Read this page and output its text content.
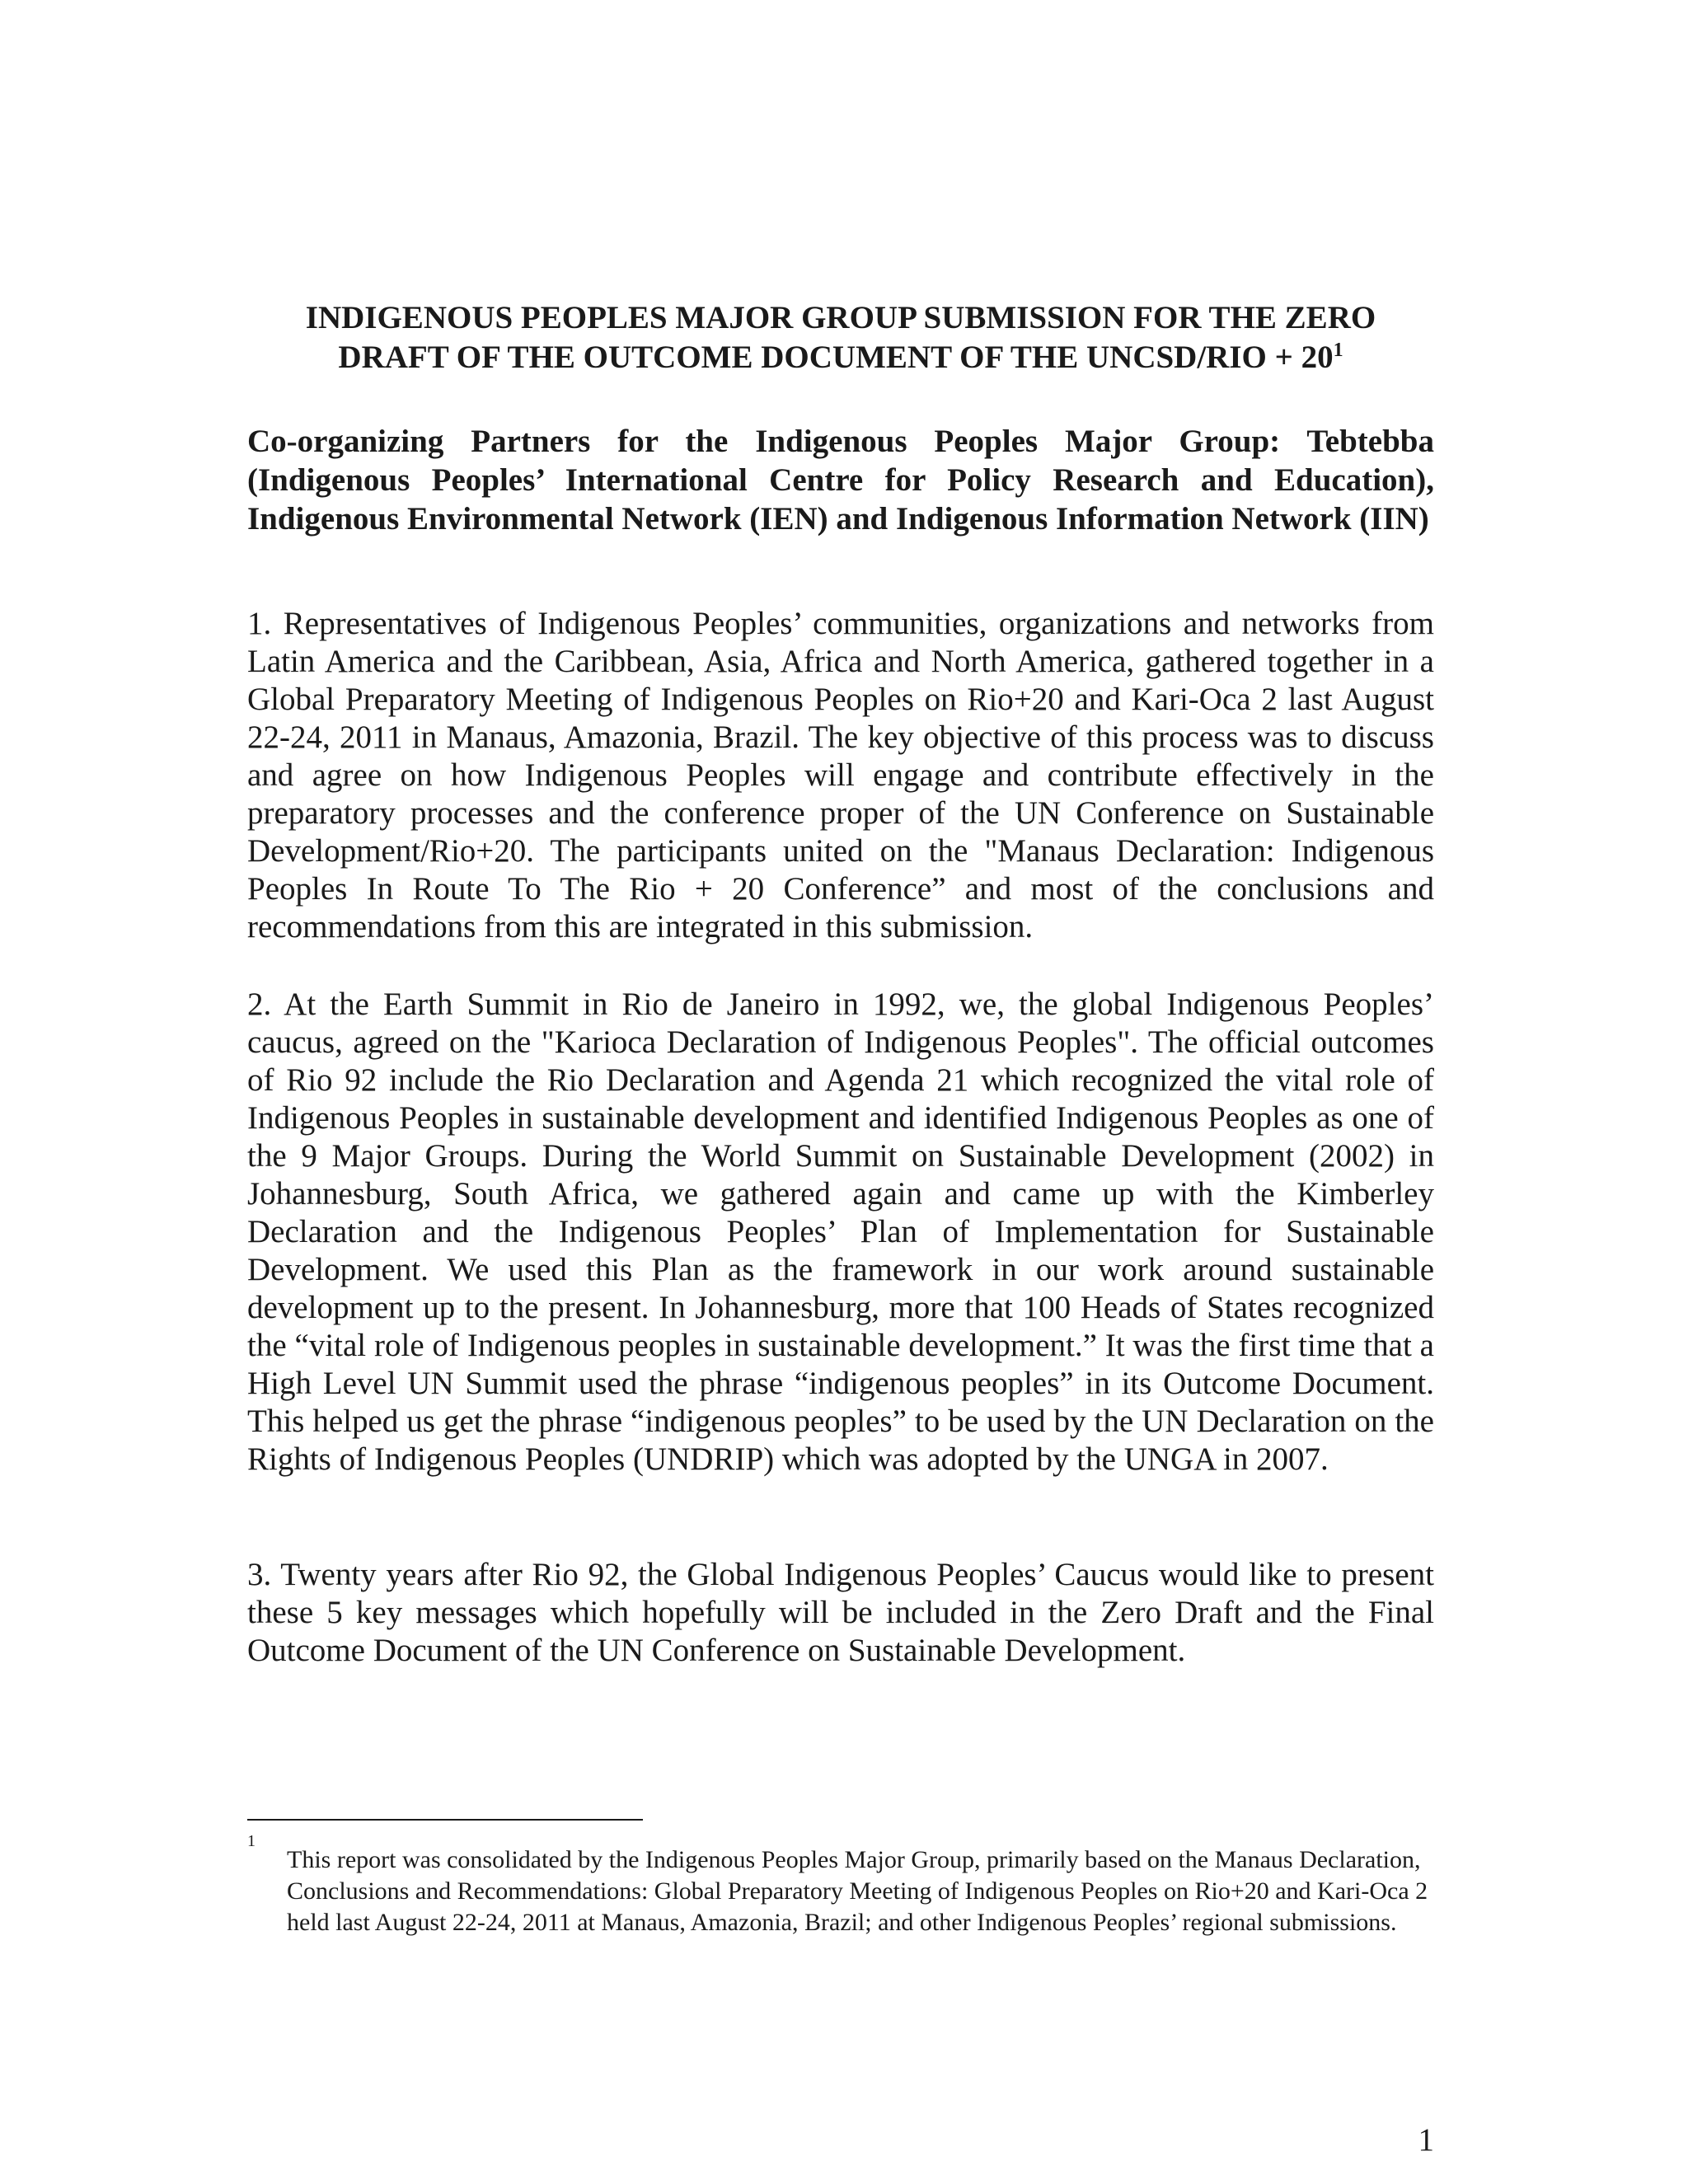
INDIGENOUS PEOPLES MAJOR GROUP SUBMISSION FOR THE ZERO
DRAFT OF THE OUTCOME DOCUMENT OF THE UNCSD/RIO + $20^1$

Co-organizing Partners for the Indigenous Peoples Major Group: Tebtebba (Indigenous Peoples’ International Centre for Policy Research and Education), Indigenous Environmental Network (IEN) and Indigenous Information Network (IIN)

1. Representatives of Indigenous Peoples’ communities, organizations and networks from Latin America and the Caribbean, Asia, Africa and North America, gathered together in a Global Preparatory Meeting of Indigenous Peoples on Rio+20 and Kari-Oca 2 last August 22-24, 2011 in Manaus, Amazonia, Brazil. The key objective of this process was to discuss and agree on how Indigenous Peoples will engage and contribute effectively in the preparatory processes and the conference proper of the UN Conference on Sustainable Development/Rio+20. The participants united on the "Manaus Declaration: Indigenous Peoples In Route To The Rio + 20 Conference” and most of the conclusions and recommendations from this are integrated in this submission.

2. At the Earth Summit in Rio de Janeiro in 1992, we, the global Indigenous Peoples’ caucus, agreed on the "Karioca Declaration of Indigenous Peoples". The official outcomes of Rio 92 include the Rio Declaration and Agenda 21 which recognized the vital role of Indigenous Peoples in sustainable development and identified Indigenous Peoples as one of the 9 Major Groups. During the World Summit on Sustainable Development (2002) in Johannesburg, South Africa, we gathered again and came up with the Kimberley Declaration and the Indigenous Peoples’ Plan of Implementation for Sustainable Development. We used this Plan as the framework in our work around sustainable development up to the present. In Johannesburg, more that 100 Heads of States recognized the “vital role of Indigenous peoples in sustainable development.” It was the first time that a High Level UN Summit used the phrase “indigenous peoples” in its Outcome Document. This helped us get the phrase “indigenous peoples” to be used by the UN Declaration on the Rights of Indigenous Peoples (UNDRIP) which was adopted by the UNGA in 2007.

3. Twenty years after Rio 92, the Global Indigenous Peoples’ Caucus would like to present these 5 key messages which hopefully will be included in the Zero Draft and the Final Outcome Document of the UN Conference on Sustainable Development.

1
This report was consolidated by the Indigenous Peoples Major Group, primarily based on the Manaus Declaration, Conclusions and Recommendations: Global Preparatory Meeting of Indigenous Peoples on Rio+20 and Kari-Oca 2 held last August 22-24, 2011 at Manaus, Amazonia, Brazil; and other Indigenous Peoples’ regional submissions.
1
